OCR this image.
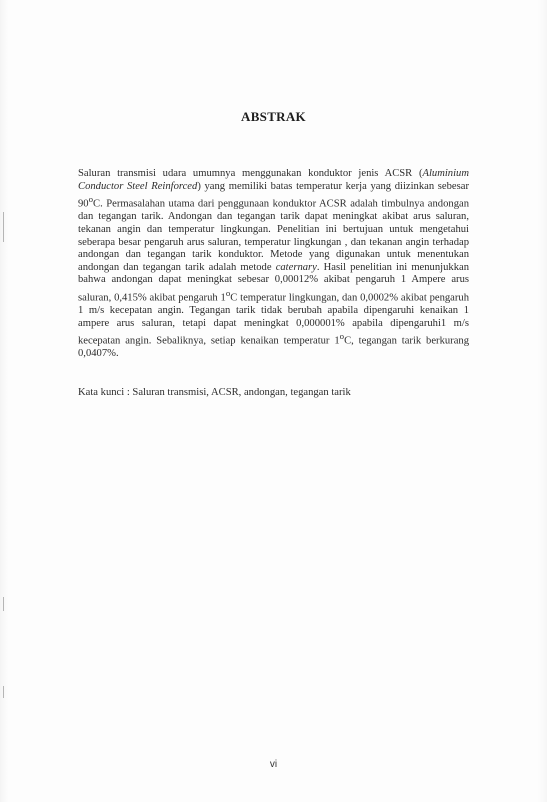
ABSTRAK
Saluran transmisi udara umumnya menggunakan konduktor jenis ACSR (Aluminium Conductor Steel Reinforced) yang memiliki batas temperatur kerja yang diizinkan sebesar 90$^o$C. Permasalahan utama dari penggunaan konduktor ACSR adalah timbulnya andongan dan tegangan tarik. Andongan dan tegangan tarik dapat meningkat akibat arus saluran, tekanan angin dan temperatur lingkungan. Penelitian ini bertujuan untuk mengetahui seberapa besar pengaruh arus saluran, temperatur lingkungan , dan tekanan angin terhadap andongan dan tegangan tarik konduktor. Metode yang digunakan untuk menentukan andongan dan tegangan tarik adalah metode caternary. Hasil penelitian ini menunjukkan bahwa andongan dapat meningkat sebesar 0,00012% akibat pengaruh 1 Ampere arus saluran, 0,415% akibat pengaruh 1$^o$C temperatur lingkungan, dan 0,0002% akibat pengaruh 1 m/s kecepatan angin. Tegangan tarik tidak berubah apabila dipengaruhi kenaikan 1 ampere arus saluran, tetapi dapat meningkat 0,000001% apabila dipengaruhi1 m/s kecepatan angin. Sebaliknya, setiap kenaikan temperatur 1$^o$C, tegangan tarik berkurang 0,0407%.
Kata kunci : Saluran transmisi, ACSR, andongan, tegangan tarik
vi
